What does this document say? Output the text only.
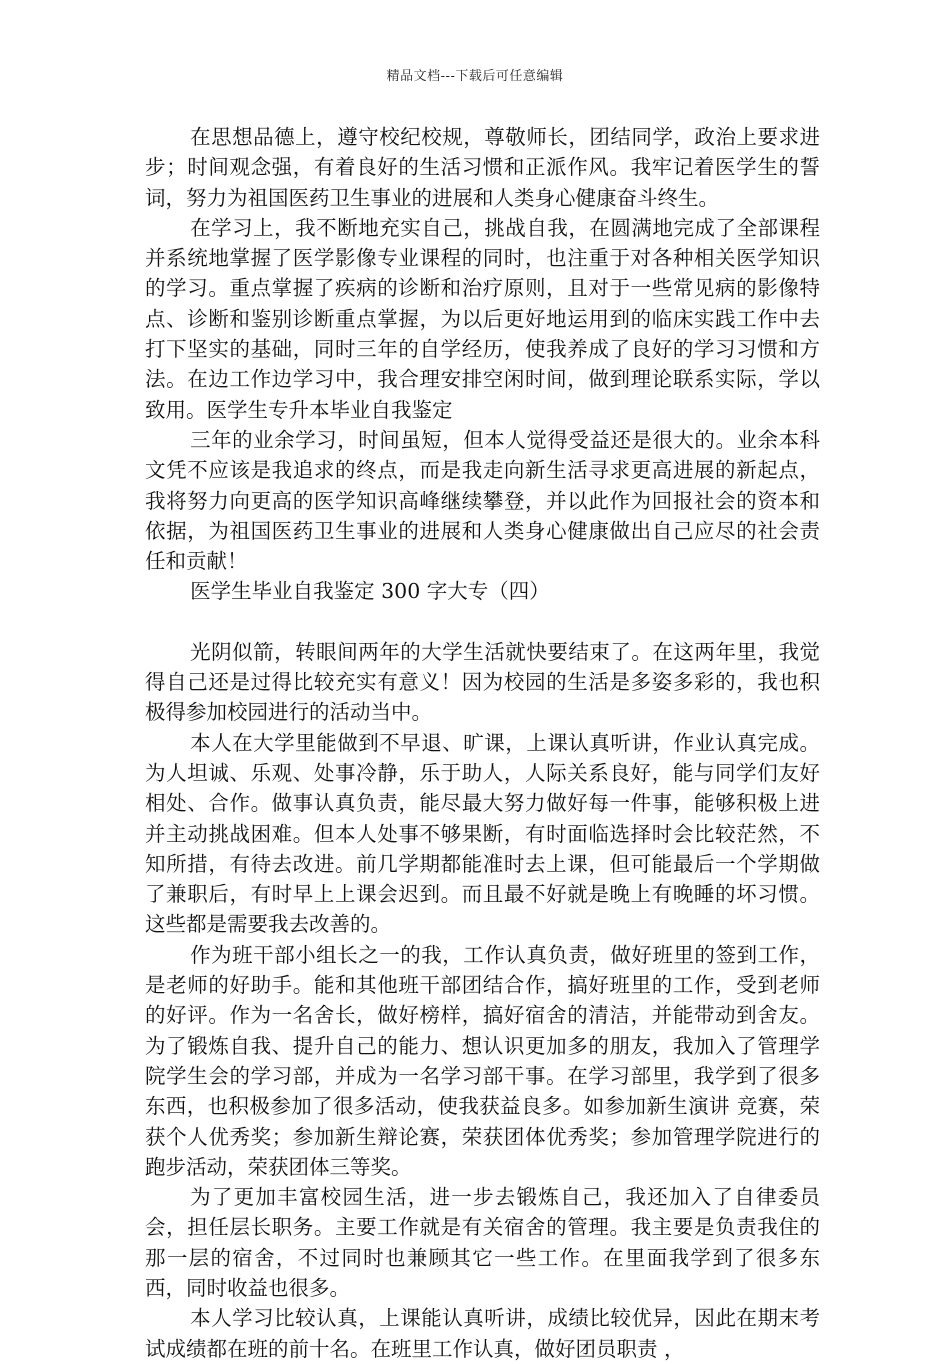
精品文档---下载后可任意编辑

在思想品德上，遵守校纪校规，尊敬师长，团结同学，政治上要求进步；时间观念强，有着良好的生活习惯和正派作风。我牢记着医学生的誓词，努力为祖国医药卫生事业的进展和人类身心健康奋斗终生。

在学习上，我不断地充实自己，挑战自我，在圆满地完成了全部课程并系统地掌握了医学影像专业课程的同时，也注重于对各种相关医学知识的学习。重点掌握了疾病的诊断和治疗原则，且对于一些常见病的影像特点、诊断和鉴别诊断重点掌握，为以后更好地运用到的临床实践工作中去打下坚实的基础，同时三年的自学经历，使我养成了良好的学习习惯和方法。在边工作边学习中，我合理安排空闲时间，做到理论联系实际，学以致用。医学生专升本毕业自我鉴定

三年的业余学习，时间虽短，但本人觉得受益还是很大的。业余本科文凭不应该是我追求的终点，而是我走向新生活寻求更高进展的新起点，我将努力向更高的医学知识高峰继续攀登，并以此作为回报社会的资本和依据，为祖国医药卫生事业的进展和人类身心健康做出自己应尽的社会责任和贡献！

医学生毕业自我鉴定 300 字大专（四）

光阴似箭，转眼间两年的大学生活就快要结束了。在这两年里，我觉得自己还是过得比较充实有意义！因为校园的生活是多姿多彩的，我也积极得参加校园进行的活动当中。

本人在大学里能做到不早退、旷课，上课认真听讲，作业认真完成。为人坦诚、乐观、处事冷静，乐于助人，人际关系良好，能与同学们友好相处、合作。做事认真负责，能尽最大努力做好每一件事，能够积极上进并主动挑战困难。但本人处事不够果断，有时面临选择时会比较茫然，不知所措，有待去改进。前几学期都能准时去上课，但可能最后一个学期做了兼职后，有时早上上课会迟到。而且最不好就是晚上有晚睡的坏习惯。这些都是需要我去改善的。

作为班干部小组长之一的我，工作认真负责，做好班里的签到工作，是老师的好助手。能和其他班干部团结合作，搞好班里的工作，受到老师的好评。作为一名舍长，做好榜样，搞好宿舍的清洁，并能带动到舍友。为了锻炼自我、提升自己的能力、想认识更加多的朋友，我加入了管理学院学生会的学习部，并成为一名学习部干事。在学习部里，我学到了很多东西，也积极参加了很多活动，使我获益良多。如参加新生演讲 竞赛，荣获个人优秀奖；参加新生辩论赛，荣获团体优秀奖；参加管理学院进行的跑步活动，荣获团体三等奖。

为了更加丰富校园生活，进一步去锻炼自己，我还加入了自律委员会，担任层长职务。主要工作就是有关宿舍的管理。我主要是负责我住的那一层的宿舍，不过同时也兼顾其它一些工作。在里面我学到了很多东西，同时收益也很多。

本人学习比较认真，上课能认真听讲，成绩比较优异，因此在期末考试成绩都在班的前十名。在班里工作认真，做好团员职责 ，
